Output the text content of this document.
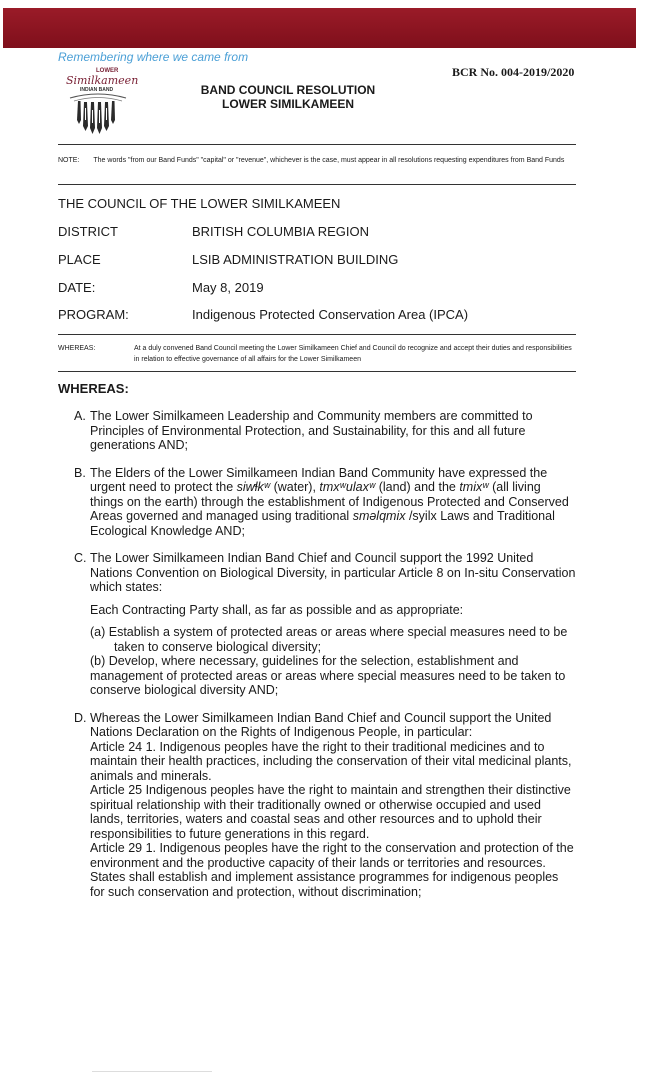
Remembering where we came from
LOWER
Similkameen
INDIAN BAND
BCR No. 004-2019/2020
BAND COUNCIL RESOLUTION
LOWER SIMILKAMEEN
NOTE: The words "from our Band Funds" "capital" or "revenue", whichever is the case, must appear in all resolutions requesting expenditures from Band Funds
THE COUNCIL OF THE LOWER SIMILKAMEEN
DISTRICT	BRITISH COLUMBIA REGION
PLACE	LSIB ADMINISTRATION BUILDING
DATE:	May 8, 2019
PROGRAM:	Indigenous Protected Conservation Area (IPCA)
WHEREAS:	At a duly convened Band Council meeting the Lower Similkameen Chief and Council do recognize and accept their duties and responsibilities in relation to effective governance of all affairs for the Lower Similkameen
WHEREAS:
A. The Lower Similkameen Leadership and Community members are committed to Principles of Environmental Protection, and Sustainability, for this and all future generations AND;

B. The Elders of the Lower Similkameen Indian Band Community have expressed the urgent need to protect the siwɬkʷ (water), tmxʷulaxʷ (land) and the tmixʷ (all living things on the earth) through the establishment of Indigenous Protected and Conserved Areas governed and managed using traditional sməlqmix /syilx Laws and Traditional Ecological Knowledge AND;

C. The Lower Similkameen Indian Band Chief and Council support the 1992 United Nations Convention on Biological Diversity, in particular Article 8 on In-situ Conservation which states:

Each Contracting Party shall, as far as possible and as appropriate:

(a) Establish a system of protected areas or areas where special measures need to be taken to conserve biological diversity;

(b) Develop, where necessary, guidelines for the selection, establishment and management of protected areas or areas where special measures need to be taken to conserve biological diversity AND;

D. Whereas the Lower Similkameen Indian Band Chief and Council support the United Nations Declaration on the Rights of Indigenous People, in particular:

Article 24 1. Indigenous peoples have the right to their traditional medicines and to maintain their health practices, including the conservation of their vital medicinal plants, animals and minerals.

Article 25 Indigenous peoples have the right to maintain and strengthen their distinctive spiritual relationship with their traditionally owned or otherwise occupied and used lands, territories, waters and coastal seas and other resources and to uphold their responsibilities to future generations in this regard.

Article 29 1. Indigenous peoples have the right to the conservation and protection of the environment and the productive capacity of their lands or territories and resources. States shall establish and implement assistance programmes for indigenous peoples for such conservation and protection, without discrimination;
